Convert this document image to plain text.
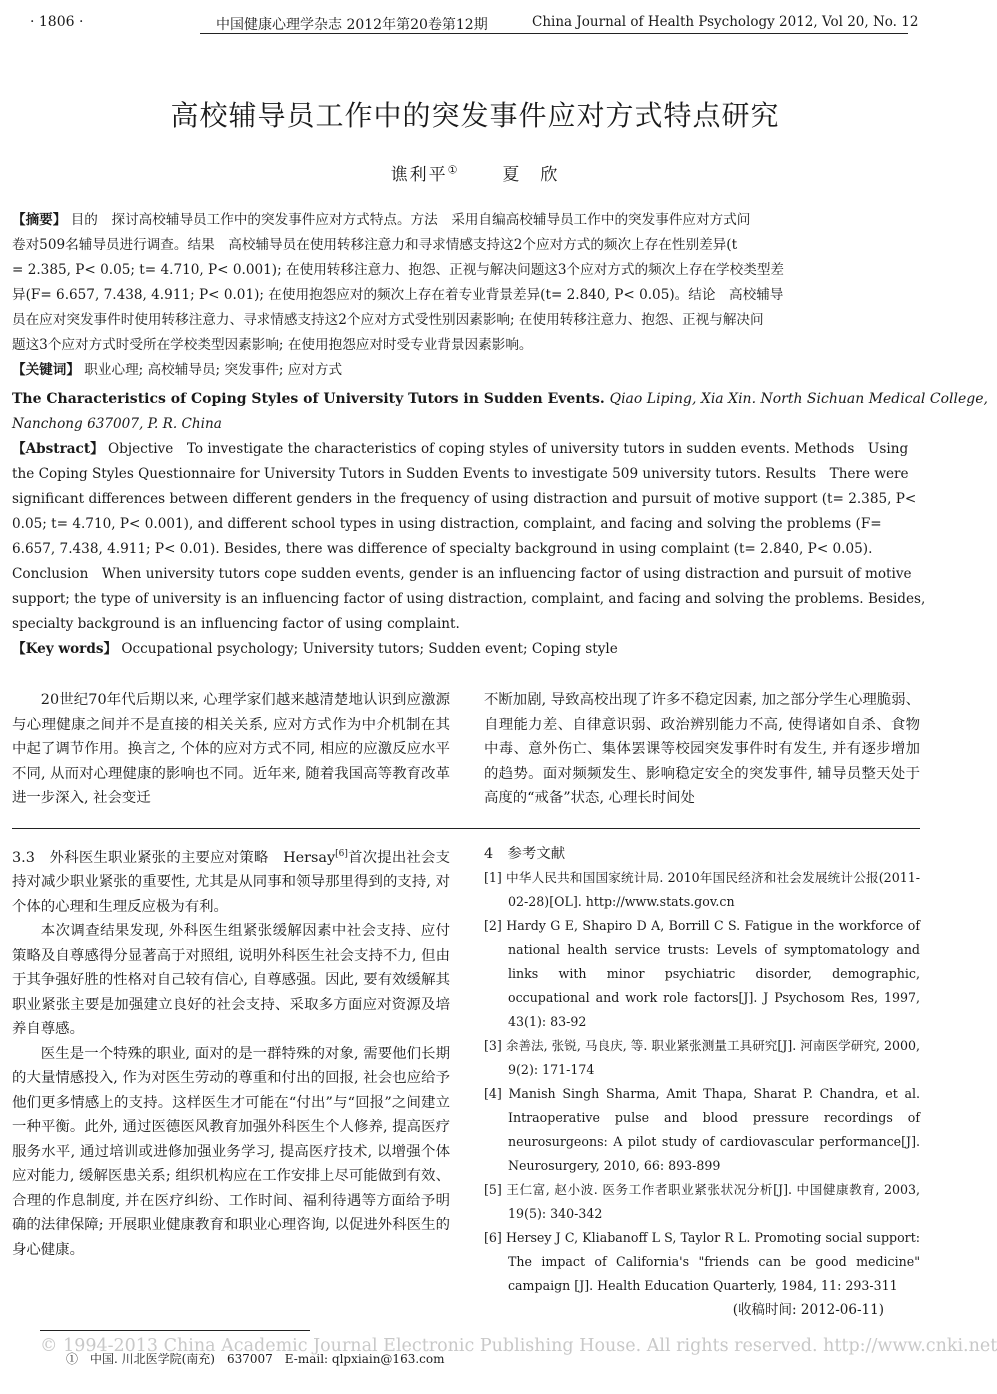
· 1806 ·	中国健康心理学杂志 2012年第20卷第12期	China Journal of Health Psychology 2012, Vol 20, No. 12
高校辅导员工作中的突发事件应对方式特点研究
谯利平①	夏　欣
【摘要】 目的　探讨高校辅导员工作中的突发事件应对方式特点。方法　采用自编高校辅导员工作中的突发事件应对方式问
卷对509名辅导员进行调查。结果　高校辅导员在使用转移注意力和寻求情感支持这2个应对方式的频次上存在性别差异(t
= 2.385, P< 0.05; t= 4.710, P< 0.001); 在使用转移注意力、抱怨、正视与解决问题这3个应对方式的频次上存在学校类型差
异(F= 6.657, 7.438, 4.911; P< 0.01); 在使用抱怨应对的频次上存在着专业背景差异(t= 2.840, P< 0.05)。结论　高校辅导
员在应对突发事件时使用转移注意力、寻求情感支持这2个应对方式受性别因素影响; 在使用转移注意力、抱怨、正视与解决问
题这3个应对方式时受所在学校类型因素影响; 在使用抱怨应对时受专业背景因素影响。
【关键词】 职业心理; 高校辅导员; 突发事件; 应对方式
The Characteristics of Coping Styles of University Tutors in Sudden Events. Qiao Liping, Xia Xin. North Sichuan Medical College,
Nanchong 637007, P. R. China
【Abstract】 Objective　To investigate the characteristics of coping styles of university tutors in sudden events. Methods　Using
the Coping Styles Questionnaire for University Tutors in Sudden Events to investigate 509 university tutors. Results　There were
significant differences between different genders in the frequency of using distraction and pursuit of motive support (t= 2.385, P<
0.05; t= 4.710, P< 0.001), and different school types in using distraction, complaint, and facing and solving the problems (F=
6.657, 7.438, 4.911; P< 0.01). Besides, there was difference of specialty background in using complaint (t= 2.840, P< 0.05).
Conclusion　When university tutors cope sudden events, gender is an influencing factor of using distraction and pursuit of motive
support; the type of university is an influencing factor of using distraction, complaint, and facing and solving the problems. Besides,
specialty background is an influencing factor of using complaint.
【Key words】 Occupational psychology; University tutors; Sudden event; Coping style

20世纪70年代后期以来, 心理学家们越来越清楚地认识到应激源与心理健康之间并不是直接的相关关系, 应对方式作为中介机制在其中起了调节作用。换言之, 个体的应对方式不同, 相应的应激反应水平不同, 从而对心理健康的影响也不同。近年来, 随着我国高等教育改革进一步深入, 社会变迁

不断加剧, 导致高校出现了许多不稳定因素, 加之部分学生心理脆弱、自理能力差、自律意识弱、政治辨别能力不高, 使得诸如自杀、食物中毒、意外伤亡、集体罢课等校园突发事件时有发生, 并有逐步增加的趋势。面对频频发生、影响稳定安全的突发事件, 辅导员整天处于高度的“戒备”状态, 心理长时间处

3.3　外科医生职业紧张的主要应对策略　Hersay[6]首次提出社会支持对减少职业紧张的重要性, 尤其是从同事和领导那里得到的支持, 对个体的心理和生理反应极为有利。

本次调查结果发现, 外科医生组紧张缓解因素中社会支持、应付策略及自尊感得分显著高于对照组, 说明外科医生社会支持不力, 但由于其争强好胜的性格对自己较有信心, 自尊感强。因此, 要有效缓解其职业紧张主要是加强建立良好的社会支持、采取多方面应对资源及培养自尊感。

医生是一个特殊的职业, 面对的是一群特殊的对象, 需要他们长期的大量情感投入, 作为对医生劳动的尊重和付出的回报, 社会也应给予他们更多情感上的支持。这样医生才可能在“付出”与“回报”之间建立一种平衡。此外, 通过医德医风教育加强外科医生个人修养, 提高医疗服务水平, 通过培训或进修加强业务学习, 提高医疗技术, 以增强个体应对能力, 缓解医患关系; 组织机构应在工作安排上尽可能做到有效、合理的作息制度, 并在医疗纠纷、工作时间、福利待遇等方面给予明确的法律保障; 开展职业健康教育和职业心理咨询, 以促进外科医生的身心健康。

4　参考文献

[1] 中华人民共和国国家统计局. 2010年国民经济和社会发展统计公报(2011-02-28)[OL]. http://www.stats.gov.cn

[2] Hardy G E, Shapiro D A, Borrill C S. Fatigue in the workforce of national health service trusts: Levels of symptomatology and links with minor psychiatric disorder, demographic, occupational and work role factors[J]. J Psychosom Res, 1997, 43(1): 83-92

[3] 余善法, 张锐, 马良庆, 等. 职业紧张测量工具研究[J]. 河南医学研究, 2000, 9(2): 171-174

[4] Manish Singh Sharma, Amit Thapa, Sharat P. Chandra, et al. Intraoperative pulse and blood pressure recordings of neurosurgeons: A pilot study of cardiovascular performance[J]. Neurosurgery, 2010, 66: 893-899

[5] 王仁富, 赵小波. 医务工作者职业紧张状况分析[J]. 中国健康教育, 2003, 19(5): 340-342

[6] Hersey J C, Kliabanoff L S, Taylor R L. Promoting social support: The impact of California's "friends can be good medicine" campaign [J]. Health Education Quarterly, 1984, 11: 293-311

(收稿时间: 2012-06-11)
© 1994-2013 China Academic Journal Electronic Publishing House. All rights reserved. http://www.cnki.net
①　中国. 川北医学院(南充)　637007　E-mail: qlpxiain@163.com
